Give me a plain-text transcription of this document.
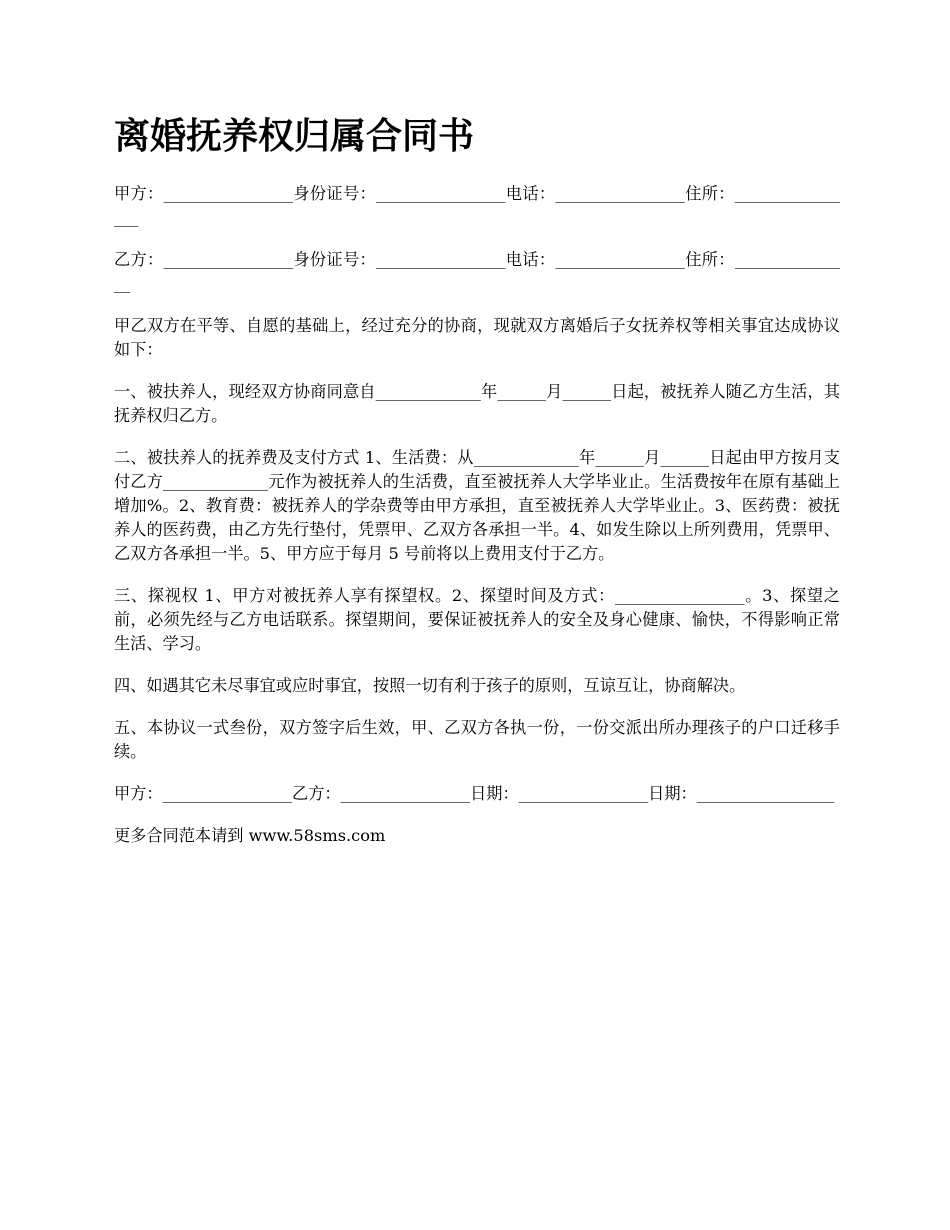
离婚抚养权归属合同书

甲方：________________身份证号：________________电话：________________住所：________________

乙方：________________身份证号：________________电话：________________住所：_______________

甲乙双方在平等、自愿的基础上，经过充分的协商，现就双方离婚后子女抚养权等相关事宜达成协议如下：

一、被扶养人，现经双方协商同意自_____________年______月______日起，被抚养人随乙方生活，其抚养权归乙方。

二、被扶养人的抚养费及支付方式 1、生活费：从_____________年______月______日起由甲方按月支付乙方_____________元作为被抚养人的生活费，直至被抚养人大学毕业止。生活费按年在原有基础上增加%。2、教育费：被抚养人的学杂费等由甲方承担，直至被抚养人大学毕业止。3、医药费：被抚养人的医药费，由乙方先行垫付，凭票甲、乙双方各承担一半。4、如发生除以上所列费用，凭票甲、乙双方各承担一半。5、甲方应于每月 5 号前将以上费用支付于乙方。

三、探视权 1、甲方对被抚养人享有探望权。2、探望时间及方式：________________。3、探望之前，必须先经与乙方电话联系。探望期间，要保证被抚养人的安全及身心健康、愉快，不得影响正常生活、学习。

四、如遇其它未尽事宜或应时事宜，按照一切有利于孩子的原则，互谅互让，协商解决。

五、本协议一式叁份，双方签字后生效，甲、乙双方各执一份，一份交派出所办理孩子的户口迁移手续。

甲方：________________乙方：________________日期：________________日期：_________________

更多合同范本请到 www.58sms.com
